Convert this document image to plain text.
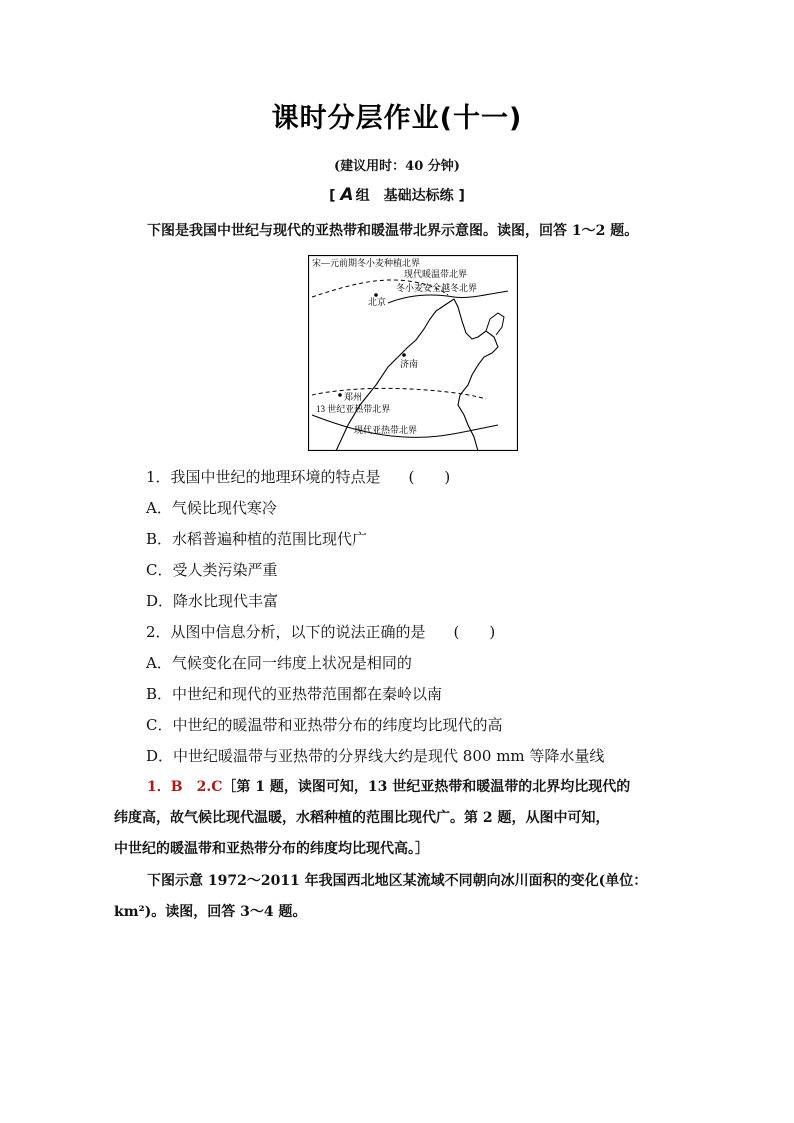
课时分层作业(十一)
(建议用时：40 分钟)
[ A 组　基础达标练 ]
下图是我国中世纪与现代的亚热带和暖温带北界示意图。读图，回答 1～2 题。
宋—元前期冬小麦种植北界
现代暖温带北界
冬小麦安全越冬北界
北京
济南
郑州
13 世纪亚热带北界
现代亚热带北界
1．我国中世纪的地理环境的特点是 (　　)
A．气候比现代寒冷
B．水稻普遍种植的范围比现代广
C．受人类污染严重
D．降水比现代丰富
2．从图中信息分析，以下的说法正确的是 (　　)
A．气候变化在同一纬度上状况是相同的
B．中世纪和现代的亚热带范围都在秦岭以南
C．中世纪的暖温带和亚热带分布的纬度均比现代的高
D．中世纪暖温带与亚热带的分界线大约是现代 800 mm 等降水量线
1．B　2.C［第 1 题，读图可知，13 世纪亚热带和暖温带的北界均比现代的
纬度高，故气候比现代温暖，水稻种植的范围比现代广。第 2 题，从图中可知，
中世纪的暖温带和亚热带分布的纬度均比现代高。］
下图示意 1972～2011 年我国西北地区某流域不同朝向冰川面积的变化(单位：
km²)。读图，回答 3～4 题。
